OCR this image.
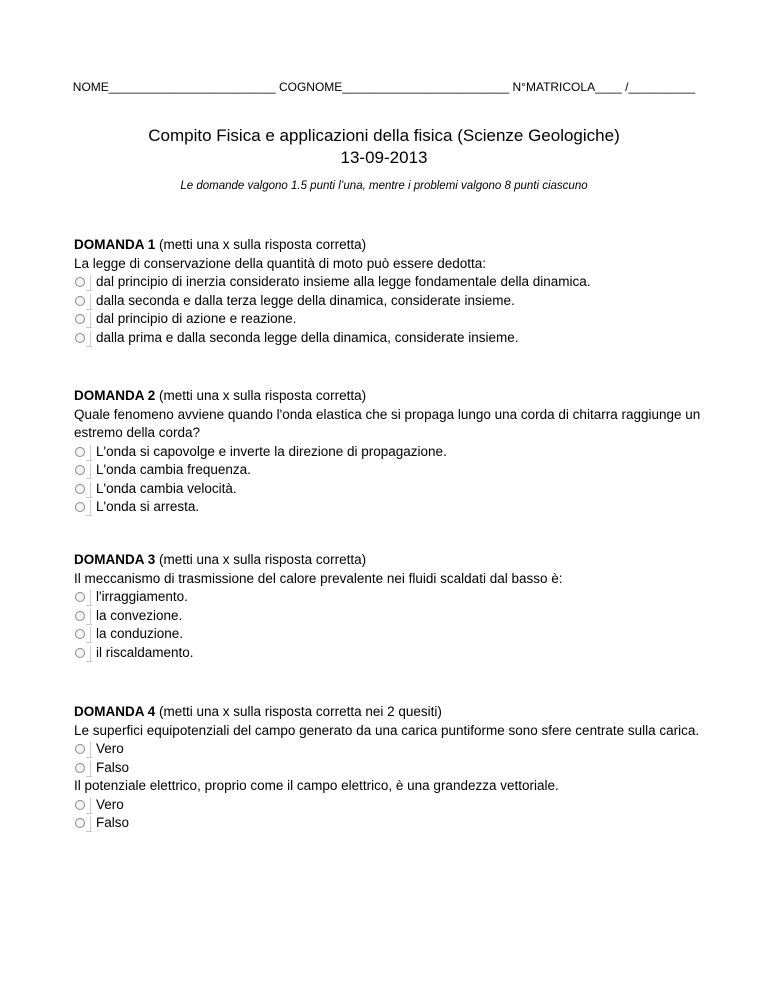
NOME_________________________ COGNOME_________________________ N°MATRICOLA____ /__________
Compito Fisica e applicazioni della fisica (Scienze Geologiche)
13-09-2013
Le domande valgono 1.5 punti l’una, mentre i problemi valgono 8 punti ciascuno
DOMANDA 1 (metti una x sulla risposta corretta)
La legge di conservazione della quantità di moto può essere dedotta:
dal principio di inerzia considerato insieme alla legge fondamentale della dinamica.
dalla seconda e dalla terza legge della dinamica, considerate insieme.
dal principio di azione e reazione.
dalla prima e dalla seconda legge della dinamica, considerate insieme.
DOMANDA 2 (metti una x sulla risposta corretta)
Quale fenomeno avviene quando l'onda elastica che si propaga lungo una corda di chitarra raggiunge un estremo della corda?
L'onda si capovolge e inverte la direzione di propagazione.
L'onda cambia frequenza.
L'onda cambia velocità.
L'onda si arresta.
DOMANDA 3 (metti una x sulla risposta corretta)
Il meccanismo di trasmissione del calore prevalente nei fluidi scaldati dal basso è:
l'irraggiamento.
la convezione.
la conduzione.
il riscaldamento.
DOMANDA 4 (metti una x sulla risposta corretta nei 2 quesiti)
Le superfici equipotenziali del campo generato da una carica puntiforme sono sfere centrate sulla carica.
Vero
Falso
Il potenziale elettrico, proprio come il campo elettrico, è una grandezza vettoriale.
Vero
Falso
